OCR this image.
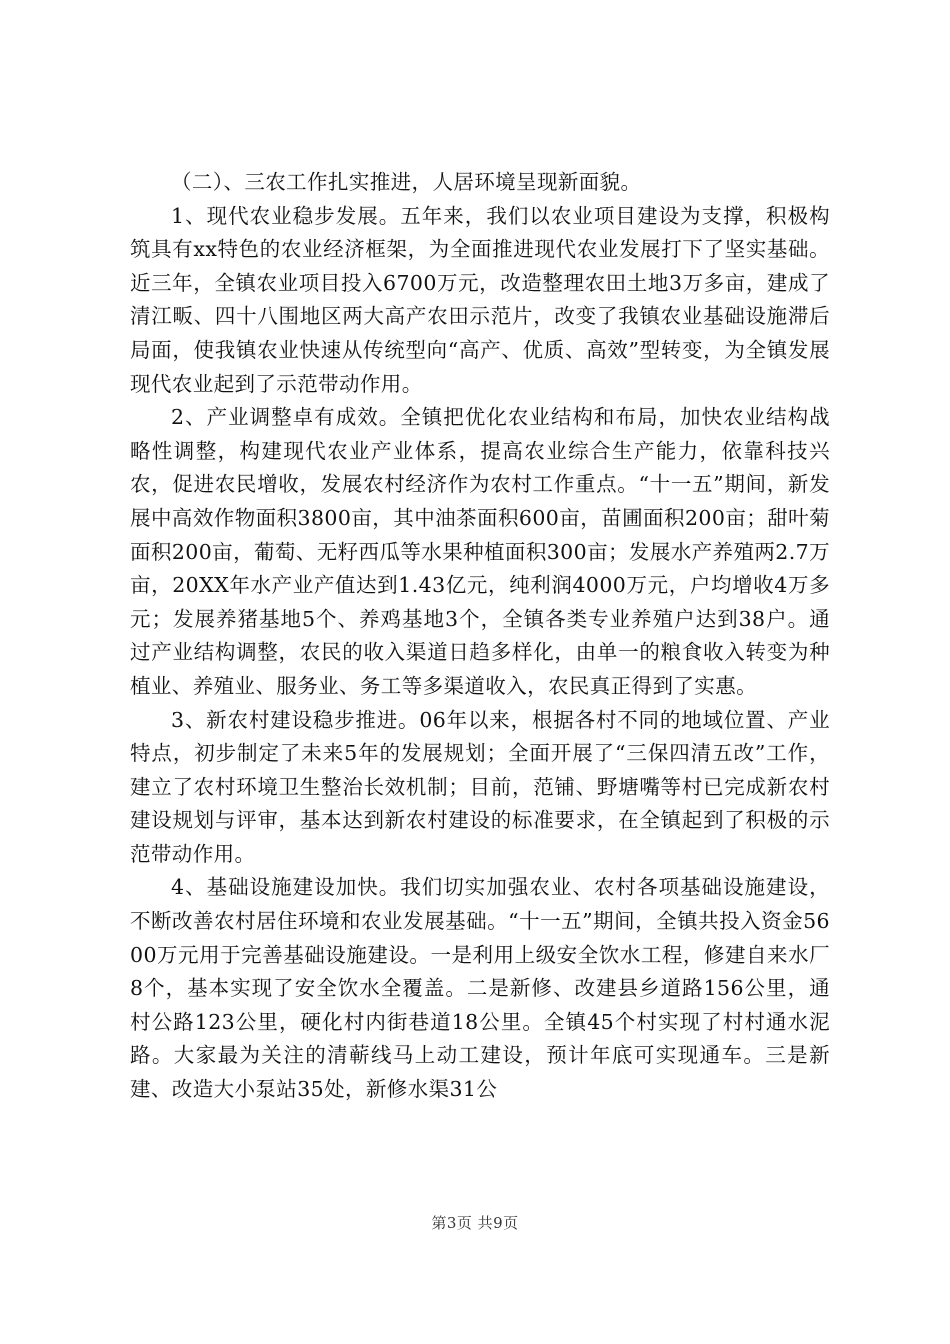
（二）、三农工作扎实推进，人居环境呈现新面貌。

1、现代农业稳步发展。五年来，我们以农业项目建设为支撑，积极构筑具有xx特色的农业经济框架，为全面推进现代农业发展打下了坚实基础。近三年，全镇农业项目投入6700万元，改造整理农田土地3万多亩，建成了清江畈、四十八围地区两大高产农田示范片，改变了我镇农业基础设施滞后局面，使我镇农业快速从传统型向“高产、优质、高效”型转变，为全镇发展现代农业起到了示范带动作用。

2、产业调整卓有成效。全镇把优化农业结构和布局，加快农业结构战略性调整，构建现代农业产业体系，提高农业综合生产能力，依靠科技兴农，促进农民增收，发展农村经济作为农村工作重点。“十一五”期间，新发展中高效作物面积3800亩，其中油茶面积600亩，苗圃面积200亩；甜叶菊面积200亩，葡萄、无籽西瓜等水果种植面积300亩；发展水产养殖两2.7万亩，20XX年水产业产值达到1.43亿元，纯利润4000万元，户均增收4万多元；发展养猪基地5个、养鸡基地3个，全镇各类专业养殖户达到38户。通过产业结构调整，农民的收入渠道日趋多样化，由单一的粮食收入转变为种植业、养殖业、服务业、务工等多渠道收入，农民真正得到了实惠。

3、新农村建设稳步推进。06年以来，根据各村不同的地域位置、产业特点，初步制定了未来5年的发展规划；全面开展了“三保四清五改”工作，建立了农村环境卫生整治长效机制；目前，范铺、野塘嘴等村已完成新农村建设规划与评审，基本达到新农村建设的标准要求，在全镇起到了积极的示范带动作用。

4、基础设施建设加快。我们切实加强农业、农村各项基础设施建设，不断改善农村居住环境和农业发展基础。“十一五”期间，全镇共投入资金5600万元用于完善基础设施建设。一是利用上级安全饮水工程，修建自来水厂8个，基本实现了安全饮水全覆盖。二是新修、改建县乡道路156公里，通村公路123公里，硬化村内街巷道18公里。全镇45个村实现了村村通水泥路。大家最为关注的清蕲线马上动工建设，预计年底可实现通车。三是新建、改造大小泵站35处，新修水渠31公

第3页 共9页
